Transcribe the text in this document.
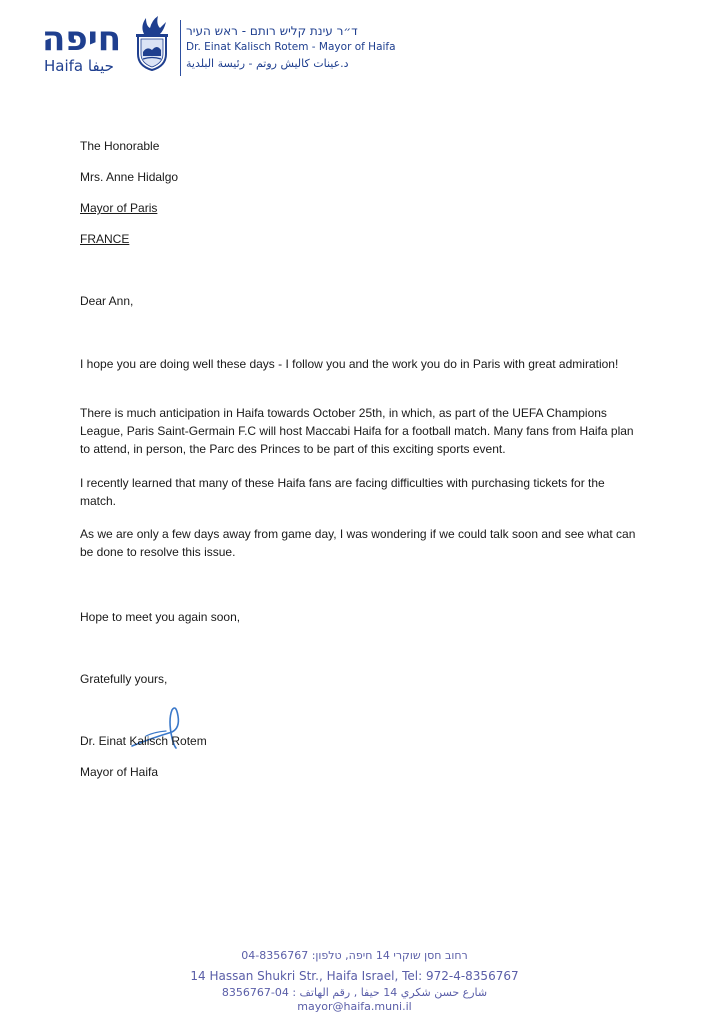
חיפה
Haifa حيفا
ד״ר עינת קליש רותם - ראש העיר
Dr. Einat Kalisch Rotem - Mayor of Haifa
د.عينات كاليش روتم - رئيسة البلدية
The Honorable
Mrs. Anne Hidalgo
Mayor of Paris
FRANCE
Dear Ann,
I hope you are doing well these days - I follow you and the work you do in Paris with great admiration!
There is much anticipation in Haifa towards October 25th, in which, as part of the UEFA Champions League, Paris Saint-Germain F.C will host Maccabi Haifa for a football match. Many fans from Haifa plan to attend, in person, the Parc des Princes to be part of this exciting sports event.
I recently learned that many of these Haifa fans are facing difficulties with purchasing tickets for the match.
As we are only a few days away from game day, I was wondering if we could talk soon and see what can be done to resolve this issue.
Hope to meet you again soon,
Gratefully yours,
Dr. Einat Kalisch Rotem
Mayor of Haifa
רחוב חסן שוקרי 14 חיפה, טלפון: 04-8356767
14 Hassan Shukri Str., Haifa Israel, Tel: 972-4-8356767
شارع حسن شكري 14 حيفا , رقم الهاتف : 04-8356767
mayor@haifa.muni.il
